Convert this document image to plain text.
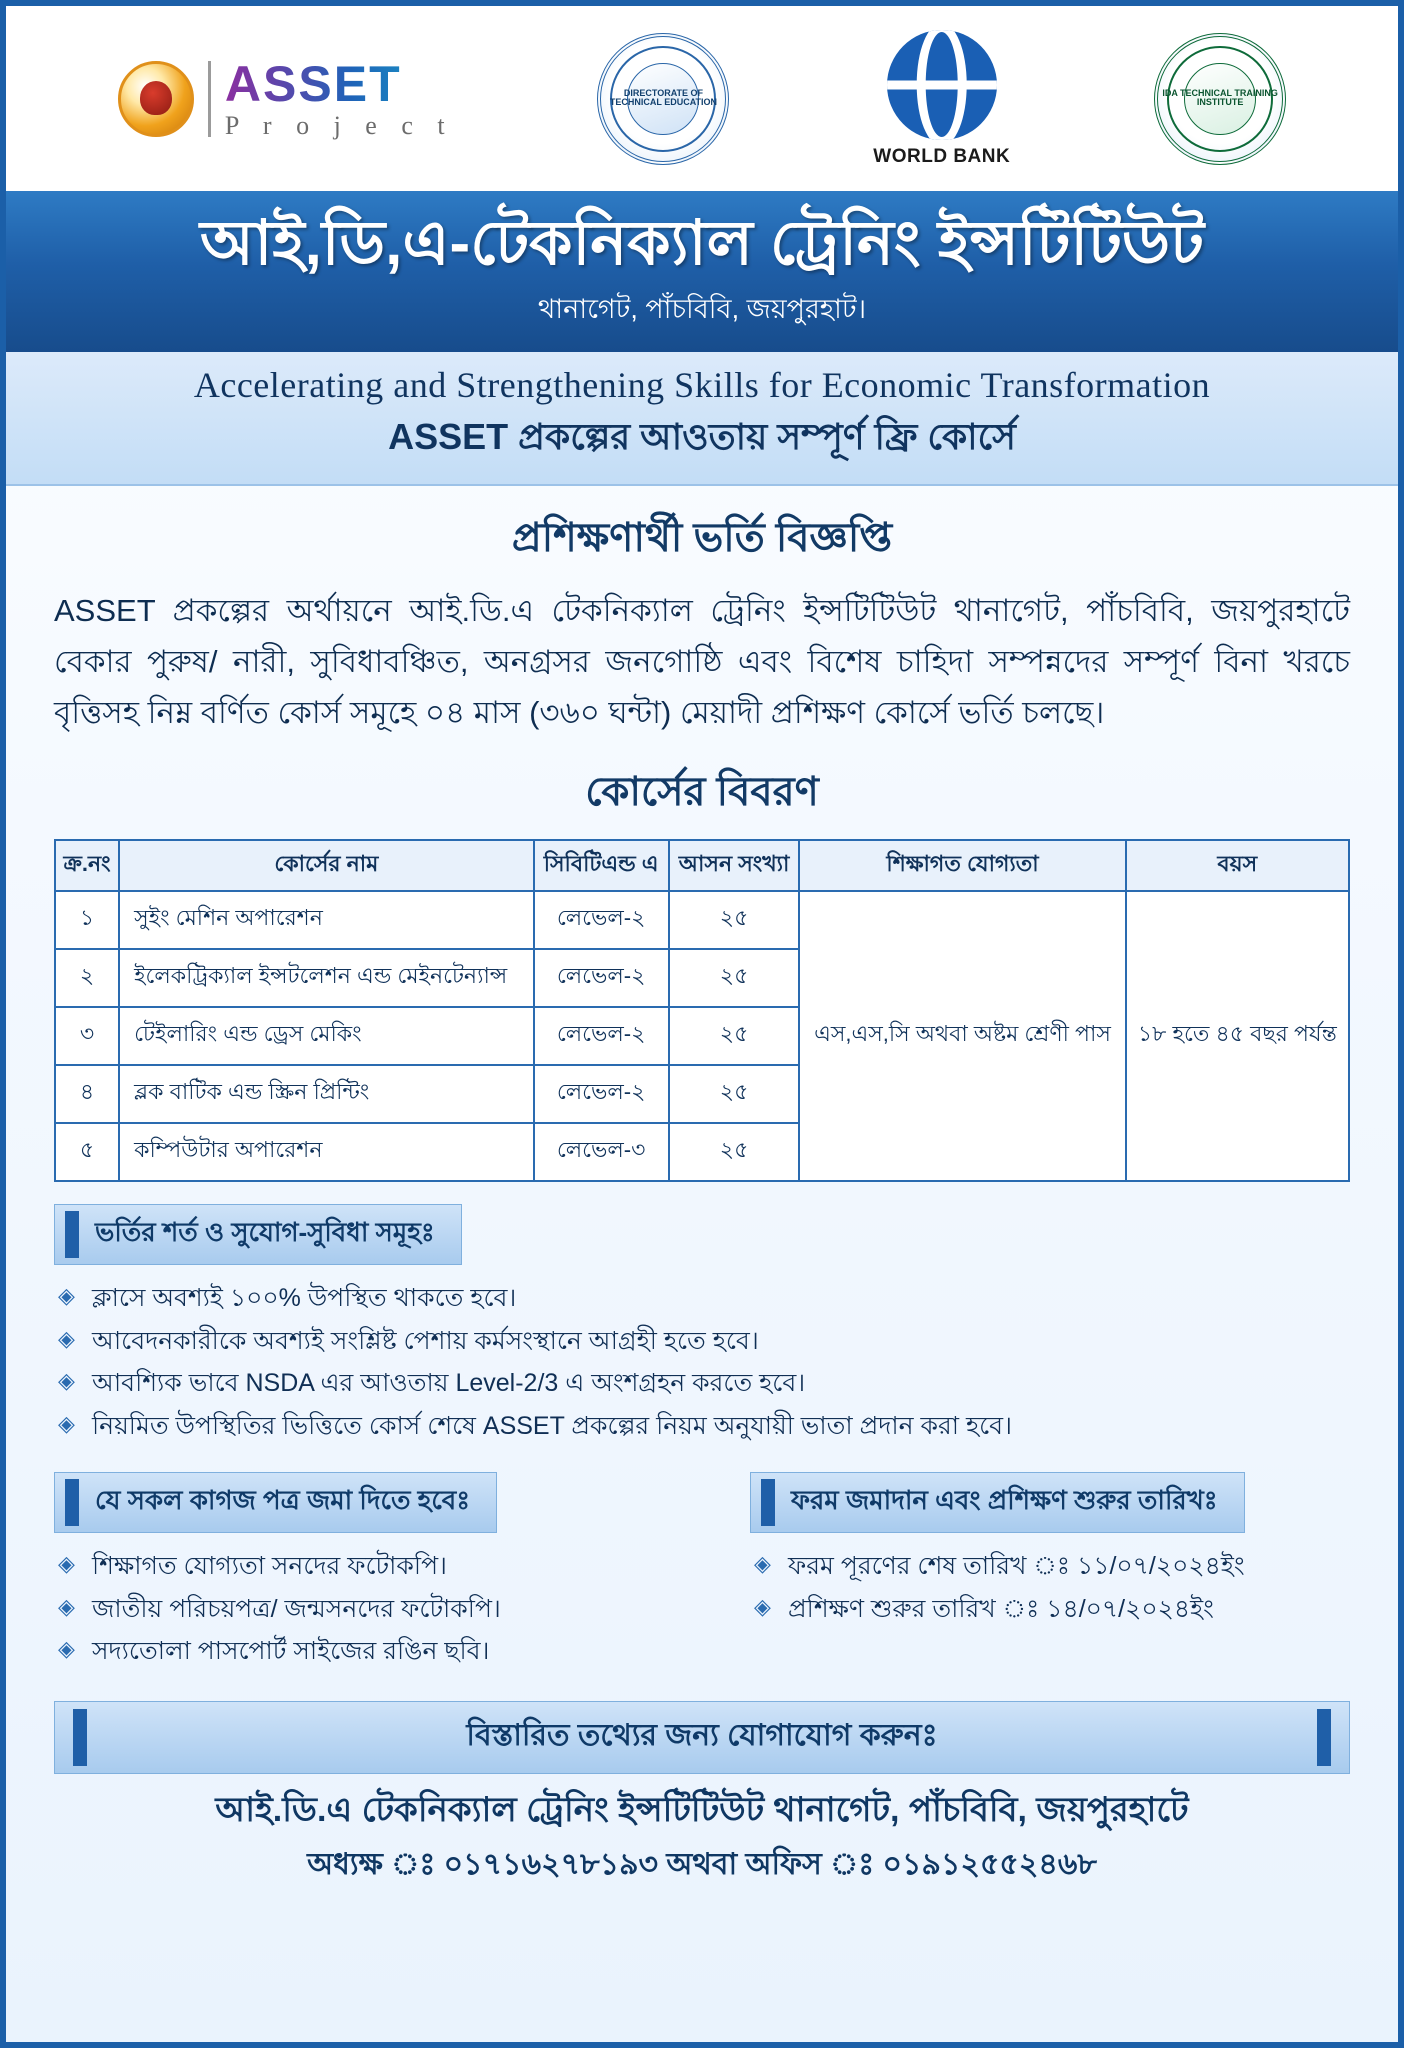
ASSET
P r o j e c t
DIRECTORATE OF TECHNICAL EDUCATION
WORLD BANK
IDA TECHNICAL TRAINING INSTITUTE
আই,ডি,এ-টেকনিক্যাল ট্রেনিং ইন্সটিটিউট
থানাগেট, পাঁচবিবি, জয়পুরহাট।
Accelerating and Strengthening Skills for Economic Transformation
ASSET প্রকল্পের আওতায় সম্পূর্ণ ফ্রি কোর্সে
প্রশিক্ষণার্থী ভর্তি বিজ্ঞপ্তি
ASSET প্রকল্পের অর্থায়নে আই.ডি.এ টেকনিক্যাল ট্রেনিং ইন্সটিটিউট থানাগেট, পাঁচবিবি, জয়পুরহাটে বেকার পুরুষ/ নারী, সুবিধাবঞ্চিত, অনগ্রসর জনগোষ্ঠি এবং বিশেষ চাহিদা সম্পন্নদের সম্পূর্ণ বিনা খরচে বৃত্তিসহ নিম্ন বর্ণিত কোর্স সমূহে ০৪ মাস (৩৬০ ঘন্টা) মেয়াদী প্রশিক্ষণ কোর্সে ভর্তি চলছে।
কোর্সের বিবরণ
ক্র.নং	কোর্সের নাম	সিবিটিএন্ড এ	আসন সংখ্যা	শিক্ষাগত যোগ্যতা	বয়স
১	সুইং মেশিন অপারেশন	লেভেল-২	২৫	এস,এস,সি অথবা অষ্টম শ্রেণী পাস	১৮ হতে ৪৫ বছর পর্যন্ত
২	ইলেকট্রিক্যাল ইন্সটলেশন এন্ড মেইনটেন্যান্স	লেভেল-২	২৫		
৩	টেইলারিং এন্ড ড্রেস মেকিং	লেভেল-২	২৫		
৪	ব্লক বাটিক এন্ড স্ক্রিন প্রিন্টিং	লেভেল-২	২৫		
৫	কম্পিউটার অপারেশন	লেভেল-৩	২৫		
ভর্তির শর্ত ও সুযোগ-সুবিধা সমূহঃ
◈ ক্লাসে অবশ্যই ১০০% উপস্থিত থাকতে হবে।
◈ আবেদনকারীকে অবশ্যই সংশ্লিষ্ট পেশায় কর্মসংস্থানে আগ্রহী হতে হবে।
◈ আবশ্যিক ভাবে NSDA এর আওতায় Level-2/3 এ অংশগ্রহন করতে হবে।
◈ নিয়মিত উপস্থিতির ভিত্তিতে কোর্স শেষে ASSET প্রকল্পের নিয়ম অনুযায়ী ভাতা প্রদান করা হবে।
যে সকল কাগজ পত্র জমা দিতে হবেঃ
◈ শিক্ষাগত যোগ্যতা সনদের ফটোকপি।
◈ জাতীয় পরিচয়পত্র/ জন্মসনদের ফটোকপি।
◈ সদ্যতোলা পাসপোর্ট সাইজের রঙিন ছবি।
ফরম জমাদান এবং প্রশিক্ষণ শুরুর তারিখঃ
◈ ফরম পূরণের শেষ তারিখ ঃ ১১/০৭/২০২৪ইং
◈ প্রশিক্ষণ শুরুর তারিখ ঃ ১৪/০৭/২০২৪ইং
বিস্তারিত তথ্যের জন্য যোগাযোগ করুনঃ
আই.ডি.এ টেকনিক্যাল ট্রেনিং ইন্সটিটিউট থানাগেট, পাঁচবিবি, জয়পুরহাটে
অধ্যক্ষ ঃ ০১৭১৬২৭৮১৯৩ অথবা অফিস ঃ ০১৯১২৫৫২৪৬৮
